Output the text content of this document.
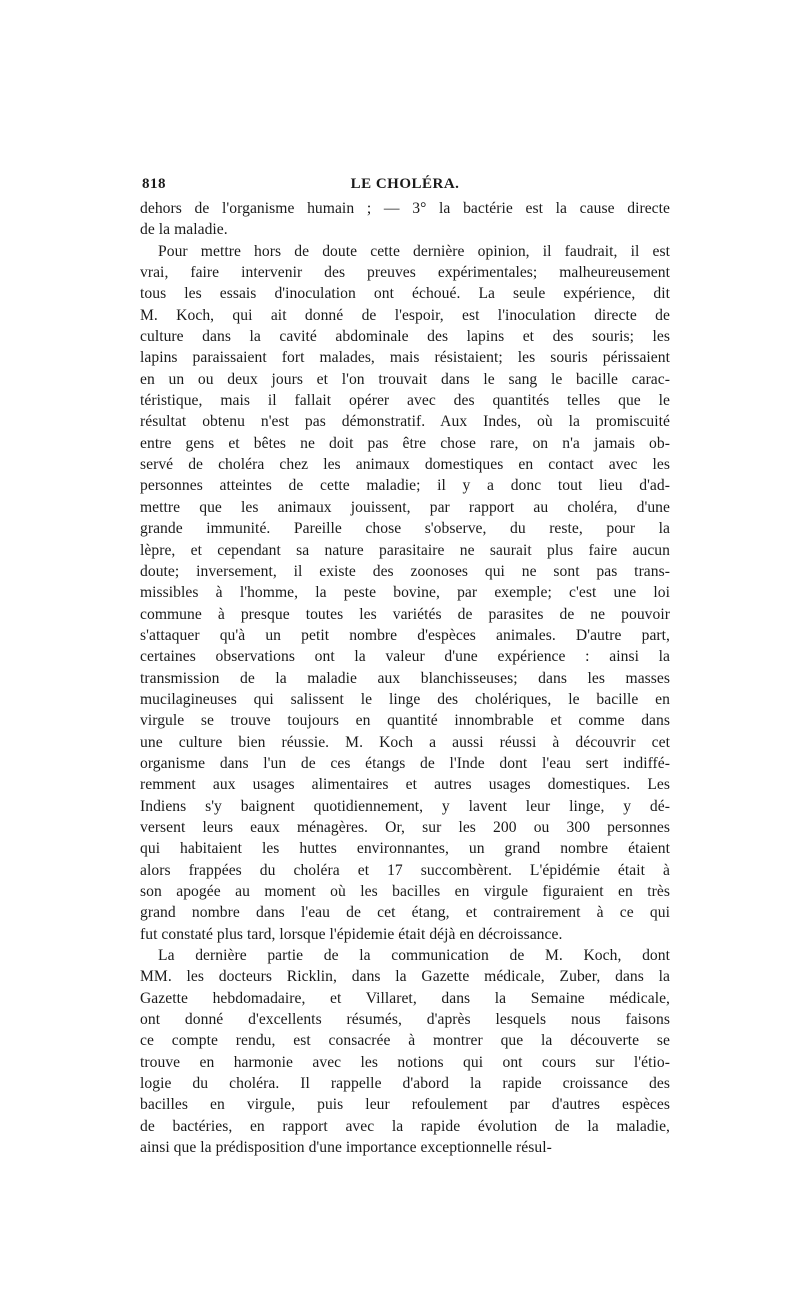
818	LE CHOLÉRA.
dehors de l'organisme humain ; — 3° la bactérie est la cause directe
de la maladie.
Pour mettre hors de doute cette dernière opinion, il faudrait, il est
vrai, faire intervenir des preuves expérimentales; malheureusement
tous les essais d'inoculation ont échoué. La seule expérience, dit
M. Koch, qui ait donné de l'espoir, est l'inoculation directe de
culture dans la cavité abdominale des lapins et des souris; les
lapins paraissaient fort malades, mais résistaient; les souris périssaient
en un ou deux jours et l'on trouvait dans le sang le bacille carac-
téristique, mais il fallait opérer avec des quantités telles que le
résultat obtenu n'est pas démonstratif. Aux Indes, où la promiscuité
entre gens et bêtes ne doit pas être chose rare, on n'a jamais ob-
servé de choléra chez les animaux domestiques en contact avec les
personnes atteintes de cette maladie; il y a donc tout lieu d'ad-
mettre que les animaux jouissent, par rapport au choléra, d'une
grande immunité. Pareille chose s'observe, du reste, pour la
lèpre, et cependant sa nature parasitaire ne saurait plus faire aucun
doute; inversement, il existe des zoonoses qui ne sont pas trans-
missibles à l'homme, la peste bovine, par exemple; c'est une loi
commune à presque toutes les variétés de parasites de ne pouvoir
s'attaquer qu'à un petit nombre d'espèces animales. D'autre part,
certaines observations ont la valeur d'une expérience : ainsi la
transmission de la maladie aux blanchisseuses; dans les masses
mucilagineuses qui salissent le linge des cholériques, le bacille en
virgule se trouve toujours en quantité innombrable et comme dans
une culture bien réussie. M. Koch a aussi réussi à découvrir cet
organisme dans l'un de ces étangs de l'Inde dont l'eau sert indiffé-
remment aux usages alimentaires et autres usages domestiques. Les
Indiens s'y baignent quotidiennement, y lavent leur linge, y dé-
versent leurs eaux ménagères. Or, sur les 200 ou 300 personnes
qui habitaient les huttes environnantes, un grand nombre étaient
alors frappées du choléra et 17 succombèrent. L'épidémie était à
son apogée au moment où les bacilles en virgule figuraient en très
grand nombre dans l'eau de cet étang, et contrairement à ce qui
fut constaté plus tard, lorsque l'épidemie était déjà en décroissance.
La dernière partie de la communication de M. Koch, dont
MM. les docteurs Ricklin, dans la Gazette médicale, Zuber, dans la
Gazette hebdomadaire, et Villaret, dans la Semaine médicale,
ont donné d'excellents résumés, d'après lesquels nous faisons
ce compte rendu, est consacrée à montrer que la découverte se
trouve en harmonie avec les notions qui ont cours sur l'étio-
logie du choléra. Il rappelle d'abord la rapide croissance des
bacilles en virgule, puis leur refoulement par d'autres espèces
de bactéries, en rapport avec la rapide évolution de la maladie,
ainsi que la prédisposition d'une importance exceptionnelle résul-
